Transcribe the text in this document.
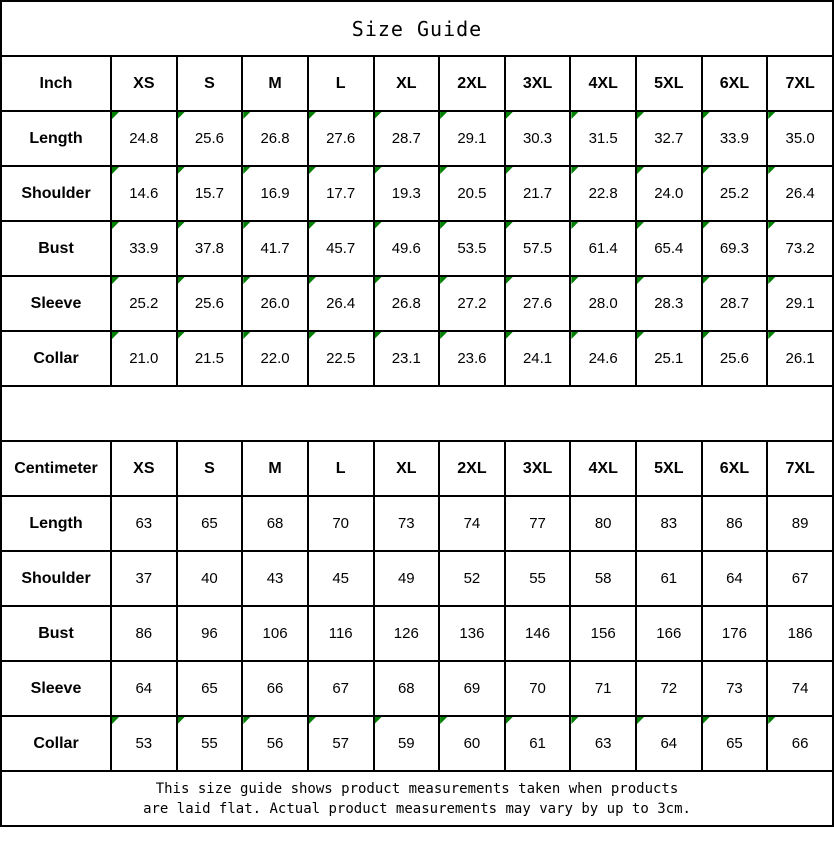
Size Guide											
Inch	XS	S	M	L	XL	2XL	3XL	4XL	5XL	6XL	7XL
Length	24.8	25.6	26.8	27.6	28.7	29.1	30.3	31.5	32.7	33.9	35.0
Shoulder	14.6	15.7	16.9	17.7	19.3	20.5	21.7	22.8	24.0	25.2	26.4
Bust	33.9	37.8	41.7	45.7	49.6	53.5	57.5	61.4	65.4	69.3	73.2
Sleeve	25.2	25.6	26.0	26.4	26.8	27.2	27.6	28.0	28.3	28.7	29.1
Collar	21.0	21.5	22.0	22.5	23.1	23.6	24.1	24.6	25.1	25.6	26.1

Centimeter	XS	S	M	L	XL	2XL	3XL	4XL	5XL	6XL	7XL
Length	63	65	68	70	73	74	77	80	83	86	89
Shoulder	37	40	43	45	49	52	55	58	61	64	67
Bust	86	96	106	116	126	136	146	156	166	176	186
Sleeve	64	65	66	67	68	69	70	71	72	73	74
Collar	53	55	56	57	59	60	61	63	64	65	66

This size guide shows product measurements taken when products
are laid flat. Actual product measurements may vary by up to 3cm.											
